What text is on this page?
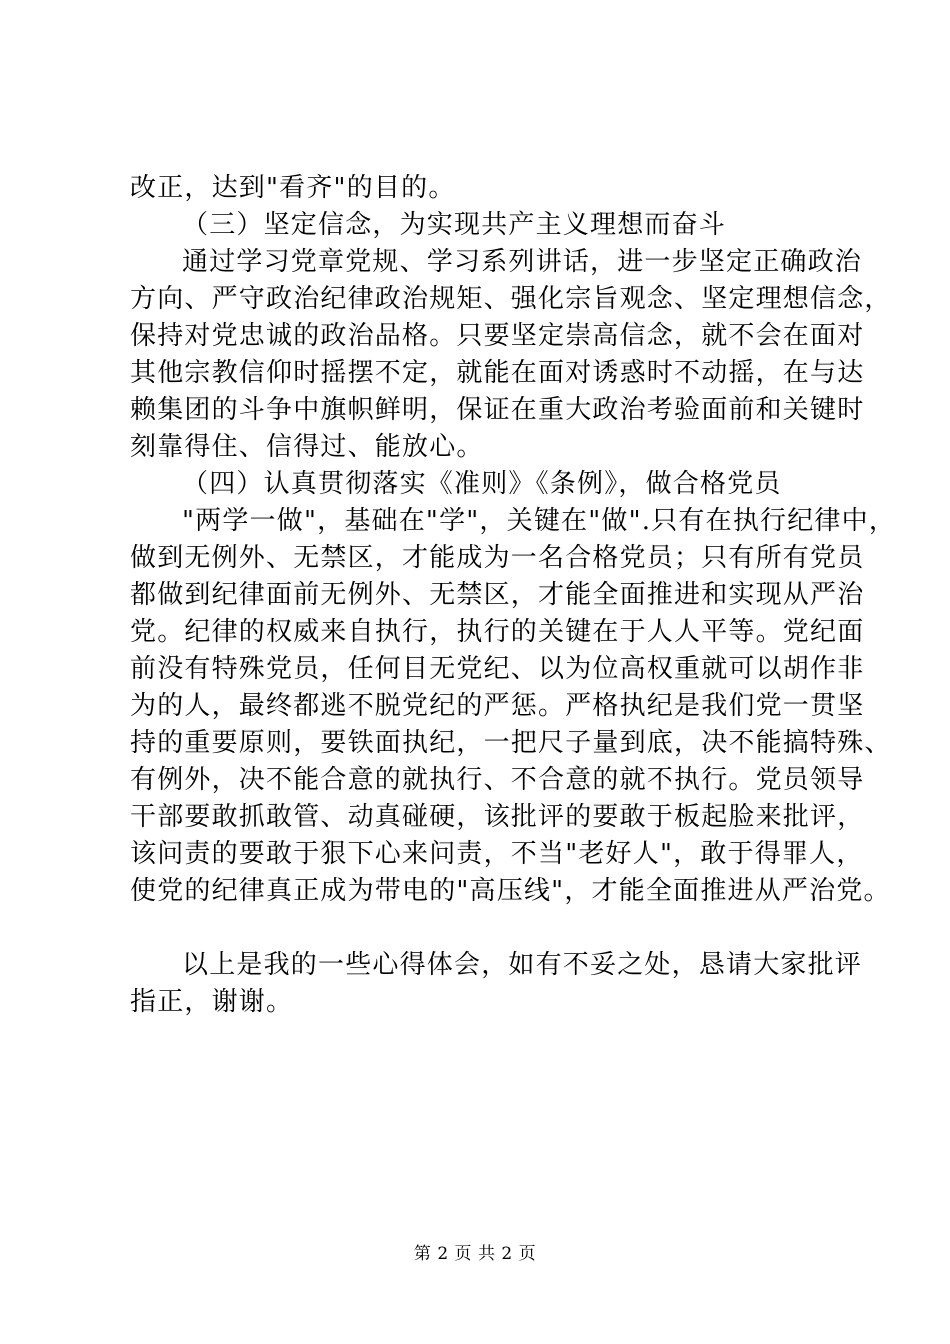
改正，达到"看齐"的目的。
（三）坚定信念，为实现共产主义理想而奋斗
通过学习党章党规、学习系列讲话，进一步坚定正确政治
方向、严守政治纪律政治规矩、强化宗旨观念、坚定理想信念，
保持对党忠诚的政治品格。只要坚定崇高信念，就不会在面对
其他宗教信仰时摇摆不定，就能在面对诱惑时不动摇，在与达
赖集团的斗争中旗帜鲜明，保证在重大政治考验面前和关键时
刻靠得住、信得过、能放心。
（四）认真贯彻落实《准则》《条例》，做合格党员
"两学一做"，基础在"学"，关键在"做".只有在执行纪律中，
做到无例外、无禁区，才能成为一名合格党员；只有所有党员
都做到纪律面前无例外、无禁区，才能全面推进和实现从严治
党。纪律的权威来自执行，执行的关键在于人人平等。党纪面
前没有特殊党员，任何目无党纪、以为位高权重就可以胡作非
为的人，最终都逃不脱党纪的严惩。严格执纪是我们党一贯坚
持的重要原则，要铁面执纪，一把尺子量到底，决不能搞特殊、
有例外，决不能合意的就执行、不合意的就不执行。党员领导
干部要敢抓敢管、动真碰硬，该批评的要敢于板起脸来批评，
该问责的要敢于狠下心来问责，不当"老好人"，敢于得罪人，
使党的纪律真正成为带电的"高压线"，才能全面推进从严治党。
以上是我的一些心得体会，如有不妥之处，恳请大家批评
指正，谢谢。
第 2 页 共 2 页
